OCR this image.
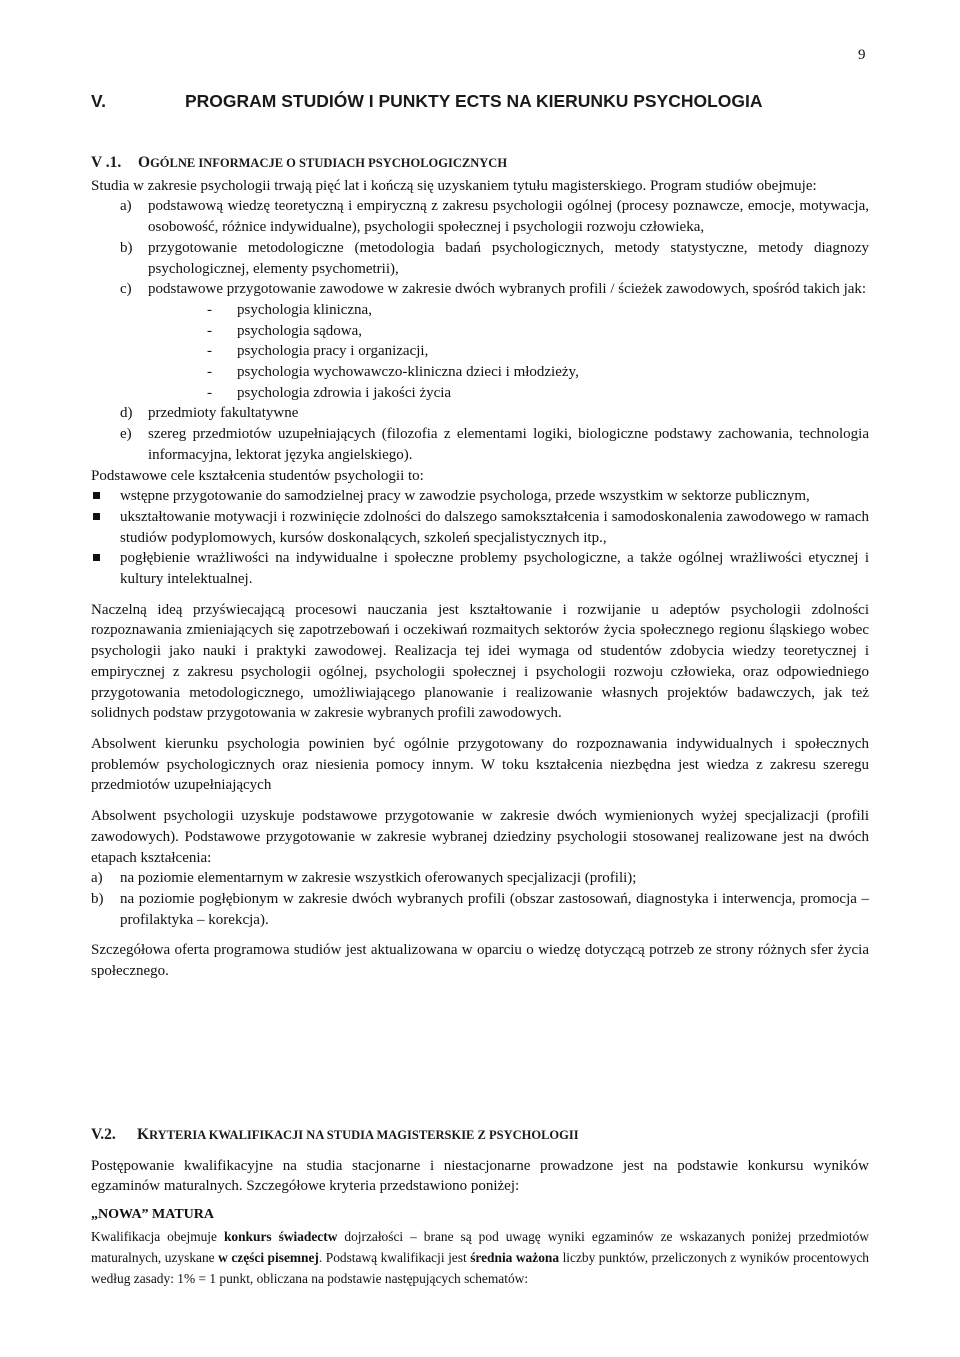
9
V.	PROGRAM STUDIÓW I PUNKTY ECTS NA KIERUNKU PSYCHOLOGIA
V .1. OGÓLNE INFORMACJE O STUDIACH PSYCHOLOGICZNYCH

Studia w zakresie psychologii trwają pięć lat i kończą się uzyskaniem tytułu magisterskiego. Program studiów obejmuje:

a) podstawową wiedzę teoretyczną i empiryczną z zakresu psychologii ogólnej (procesy poznawcze, emocje, motywacja, osobowość, różnice indywidualne), psychologii społecznej i psychologii rozwoju człowieka,
b) przygotowanie metodologiczne (metodologia badań psychologicznych, metody statystyczne, metody diagnozy psychologicznej, elementy psychometrii),
c) podstawowe przygotowanie zawodowe w zakresie dwóch wybranych profili / ścieżek zawodowych, spośród takich jak:
- psychologia kliniczna,
- psychologia sądowa,
- psychologia pracy i organizacji,
- psychologia wychowawczo-kliniczna dzieci i młodzieży,
- psychologia zdrowia i jakości życia
d) przedmioty fakultatywne
e) szereg przedmiotów uzupełniających (filozofia z elementami logiki, biologiczne podstawy zachowania, technologia informacyjna, lektorat języka angielskiego).

Podstawowe cele kształcenia studentów psychologii to:

wstępne przygotowanie do samodzielnej pracy w zawodzie psychologa, przede wszystkim w sektorze publicznym,
ukształtowanie motywacji i rozwinięcie zdolności do dalszego samokształcenia i samodoskonalenia zawodowego w ramach studiów podyplomowych, kursów doskonalących, szkoleń specjalistycznych itp.,
pogłębienie wrażliwości na indywidualne i społeczne problemy psychologiczne, a także ogólnej wrażliwości etycznej i kultury intelektualnej.

Naczelną ideą przyświecającą procesowi nauczania jest kształtowanie i rozwijanie u adeptów psychologii zdolności rozpoznawania zmieniających się zapotrzebowań i oczekiwań rozmaitych sektorów życia społecznego regionu śląskiego wobec psychologii jako nauki i praktyki zawodowej. Realizacja tej idei wymaga od studentów zdobycia wiedzy teoretycznej i empirycznej z zakresu psychologii ogólnej, psychologii społecznej i psychologii rozwoju człowieka, oraz odpowiedniego przygotowania metodologicznego, umożliwiającego planowanie i realizowanie własnych projektów badawczych, jak też solidnych podstaw przygotowania w zakresie wybranych profili zawodowych.

Absolwent kierunku psychologia powinien być ogólnie przygotowany do rozpoznawania indywidualnych i społecznych problemów psychologicznych oraz niesienia pomocy innym. W toku kształcenia niezbędna jest wiedza z zakresu szeregu przedmiotów uzupełniających

Absolwent psychologii uzyskuje podstawowe przygotowanie w zakresie dwóch wymienionych wyżej specjalizacji (profili zawodowych). Podstawowe przygotowanie w zakresie wybranej dziedziny psychologii stosowanej realizowane jest na dwóch etapach kształcenia:

a) na poziomie elementarnym w zakresie wszystkich oferowanych specjalizacji (profili);
b) na poziomie pogłębionym w zakresie dwóch wybranych profili (obszar zastosowań, diagnostyka i interwencja, promocja – profilaktyka – korekcja).

Szczegółowa oferta programowa studiów jest aktualizowana w oparciu o wiedzę dotyczącą potrzeb ze strony różnych sfer życia społecznego.

V.2. KRYTERIA KWALIFIKACJI NA STUDIA MAGISTERSKIE Z PSYCHOLOGII

Postępowanie kwalifikacyjne na studia stacjonarne i niestacjonarne prowadzone jest na podstawie konkursu wyników egzaminów maturalnych. Szczegółowe kryteria przedstawiono poniżej:

„NOWA” MATURA

Kwalifikacja obejmuje konkurs świadectw dojrzałości – brane są pod uwagę wyniki egzaminów ze wskazanych poniżej przedmiotów maturalnych, uzyskane w części pisemnej. Podstawą kwalifikacji jest średnia ważona liczby punktów, przeliczonych z wyników procentowych według zasady: 1% = 1 punkt, obliczana na podstawie następujących schematów:
